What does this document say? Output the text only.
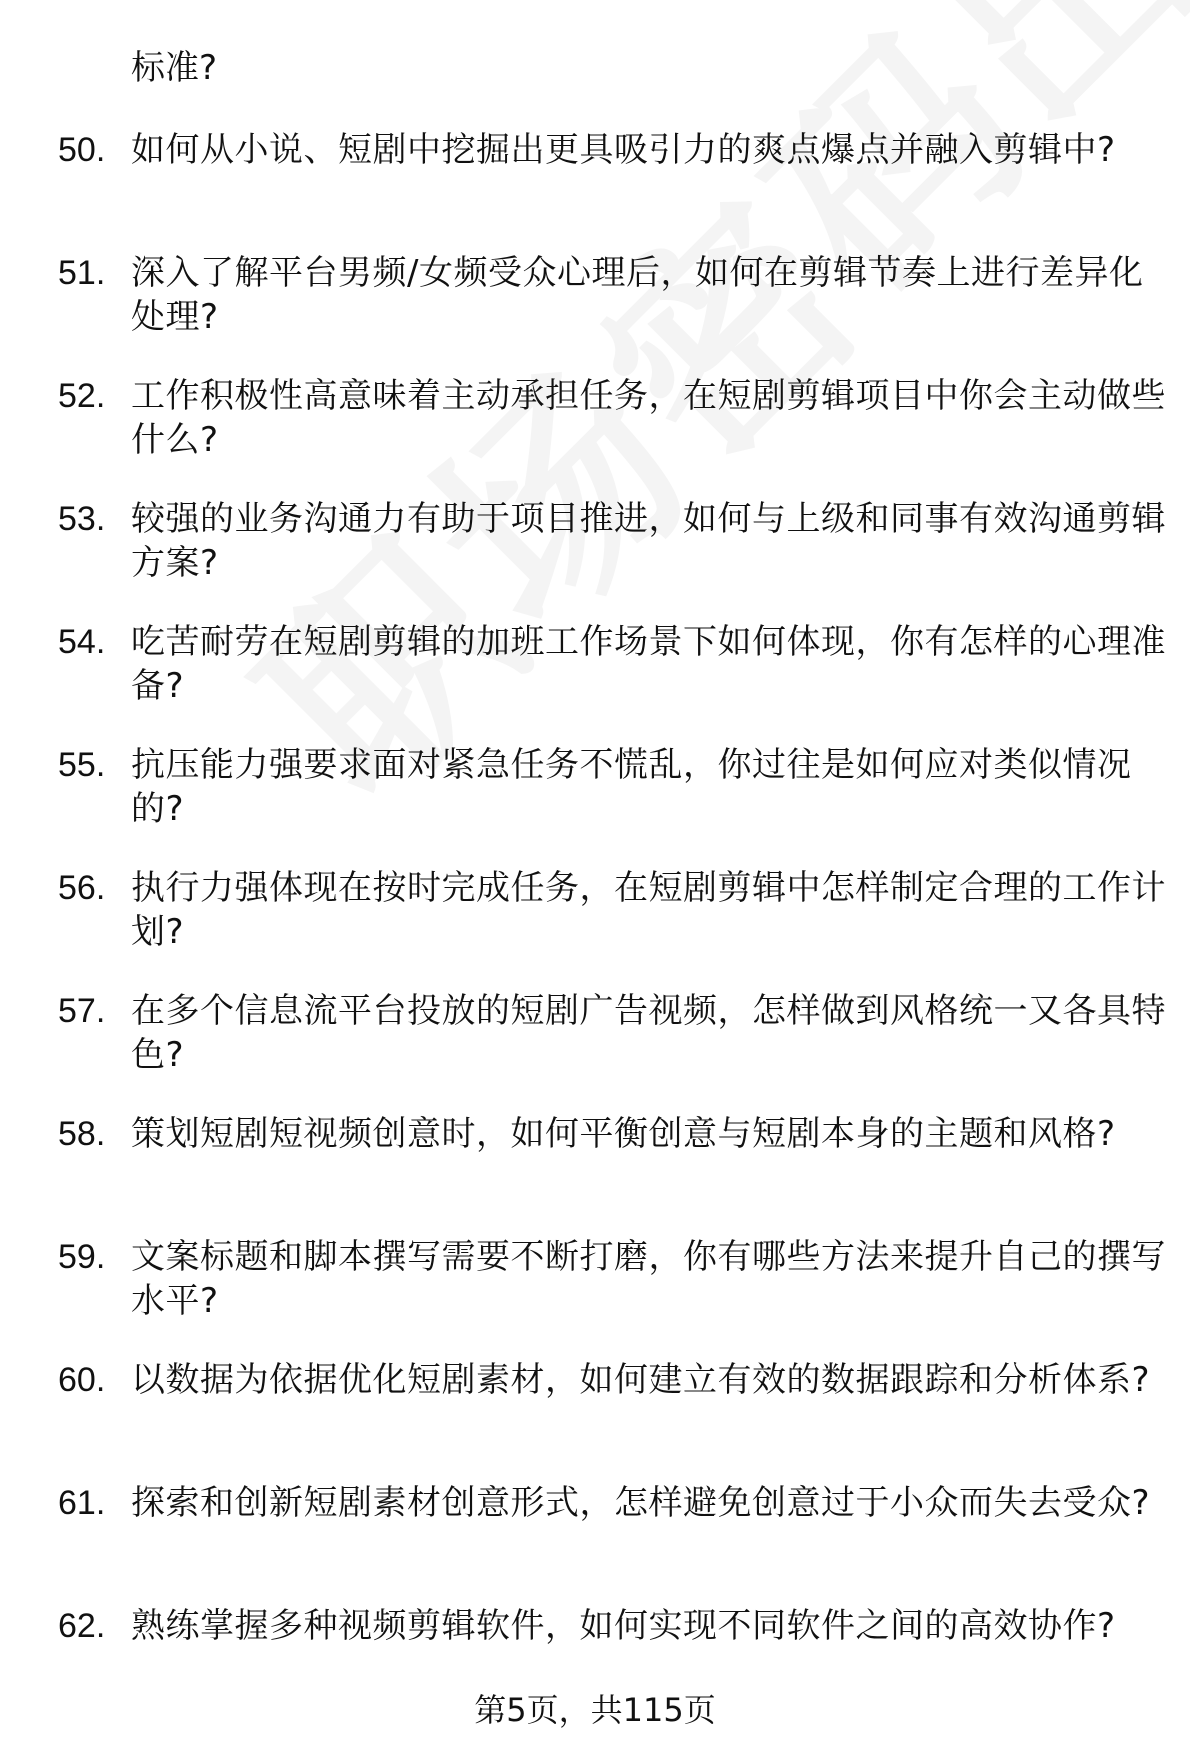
标准?
50. 如何从小说、短剧中挖掘出更具吸引力的爽点爆点并融入剪辑中?
51. 深入了解平台男频/女频受众心理后，如何在剪辑节奏上进行差异化处理?
52. 工作积极性高意味着主动承担任务，在短剧剪辑项目中你会主动做些什么?
53. 较强的业务沟通力有助于项目推进，如何与上级和同事有效沟通剪辑方案?
54. 吃苦耐劳在短剧剪辑的加班工作场景下如何体现，你有怎样的心理准备?
55. 抗压能力强要求面对紧急任务不慌乱，你过往是如何应对类似情况的?
56. 执行力强体现在按时完成任务，在短剧剪辑中怎样制定合理的工作计划?
57. 在多个信息流平台投放的短剧广告视频，怎样做到风格统一又各具特色?
58. 策划短剧短视频创意时，如何平衡创意与短剧本身的主题和风格?
59. 文案标题和脚本撰写需要不断打磨，你有哪些方法来提升自己的撰写水平?
60. 以数据为依据优化短剧素材，如何建立有效的数据跟踪和分析体系?
61. 探索和创新短剧素材创意形式，怎样避免创意过于小众而失去受众?
62. 熟练掌握多种视频剪辑软件，如何实现不同软件之间的高效协作?
第5页，共115页
